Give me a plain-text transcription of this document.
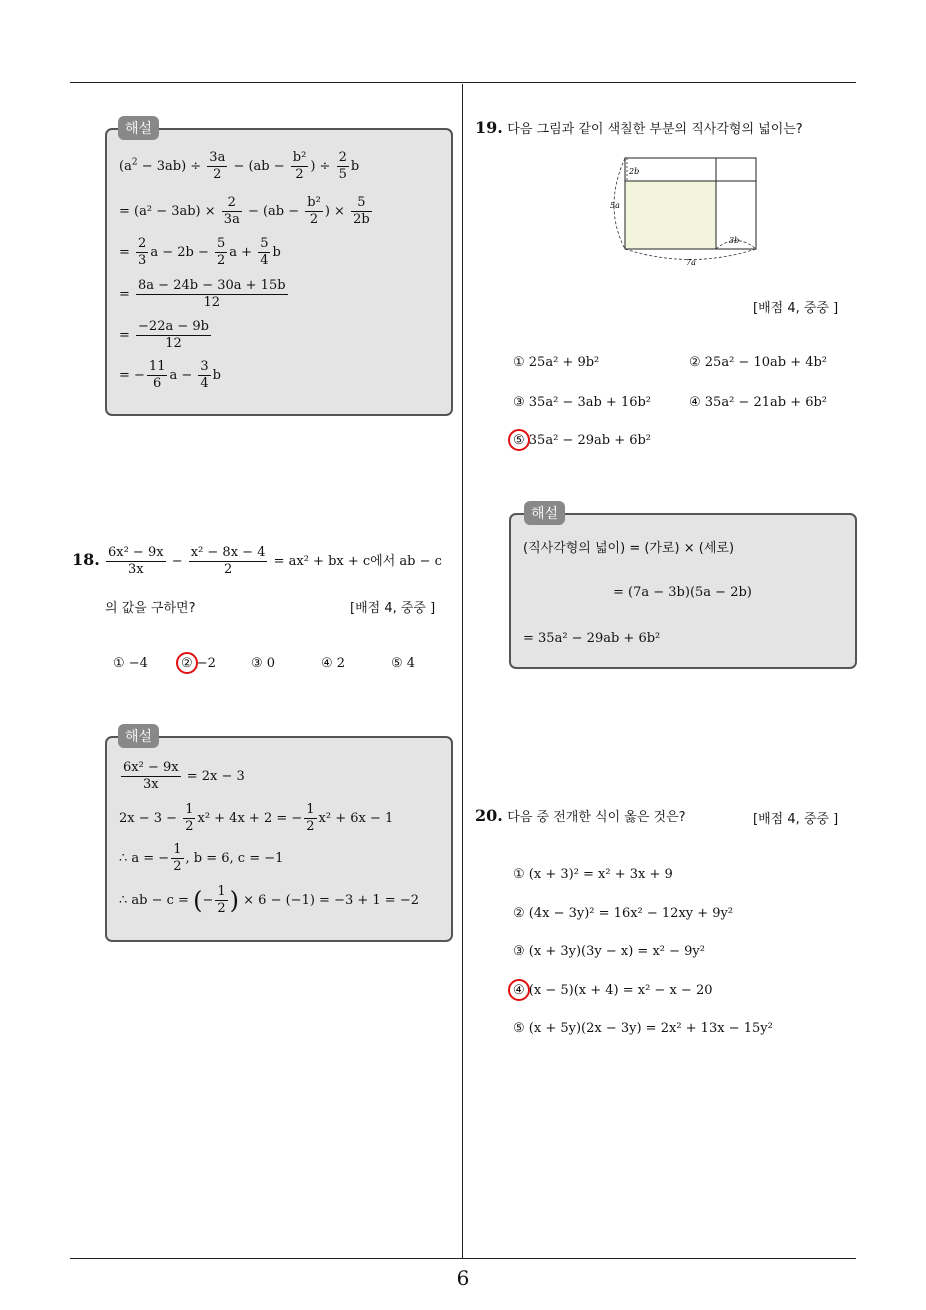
6
$(a^2 - 3ab) \div \frac{3a}{2} - (ab - \frac{\text{b²}}{2}$ ) ÷ $\frac{2}{5}$ b
= $(a^2 - 3ab) \times \frac{2}{3a} - (ab - \frac{\text{b²}}{2}$ ) × $\frac{5}{2b}$
= $\frac{2}{3}$ $a - 2b - \frac{5}{2}$ $a + \frac{5}{4}$ b
= $\frac{8a - 24b - 30a + 15b}{12}$
= $\frac{-22a - 9b}{12}$
= − $\frac{11}{6}$ $a - \frac{3}{4}$ b
해설
18. $\frac{\text{6x² − 9x}}{3x} - \frac{\text{x² − 8x − 4}}{2} = ax^2$ + bx + c에서 ab − c
의 값을 구하면?	[배점 4, 중중 ]
① −4	② −2	③ 0	④ 2	⑤ 4
$\frac{\text{6x² − 9x}}{3x} = 2x - 3$
$2x - 3 - \frac{1}{2} x^2 + 4x + 2$ = − $\frac{1}{2} x^2 + 6x - 1$
∴ a = − $\frac{1}{2}$ , b = 6, c = −1
∴ ab − c = (− $\frac{1}{2}$ ) × 6 − (−1) = −3 + 1 = −2
해설
19. 다음 그림과 같이 색칠한 부분의 직사각형의 넓이는?
2b
5a
3b
7a
[배점 4, 중중 ]
① 25a² + 9b²	② 25a² − 10ab + 4b²
③ 35a² − 3ab + 16b²	④ 35a² − 21ab + 6b²
⑤ 35a² − 29ab + 6b²
(직사각형의 넓이) = (가로) × (세로)
= (7a − 3b)(5a − 2b)
= 35a² − 29ab + 6b²
해설
20. 다음 중 전개한 식이 옳은 것은?	[배점 4, 중중 ]
① (x + 3)² = x² + 3x + 9
② (4x − 3y)² = 16x² − 12xy + 9y²
③ (x + 3y)(3y − x) = x² − 9y²
④ (x − 5)(x + 4) = x² − x − 20
⑤ (x + 5y)(2x − 3y) = 2x² + 13x − 15y²
